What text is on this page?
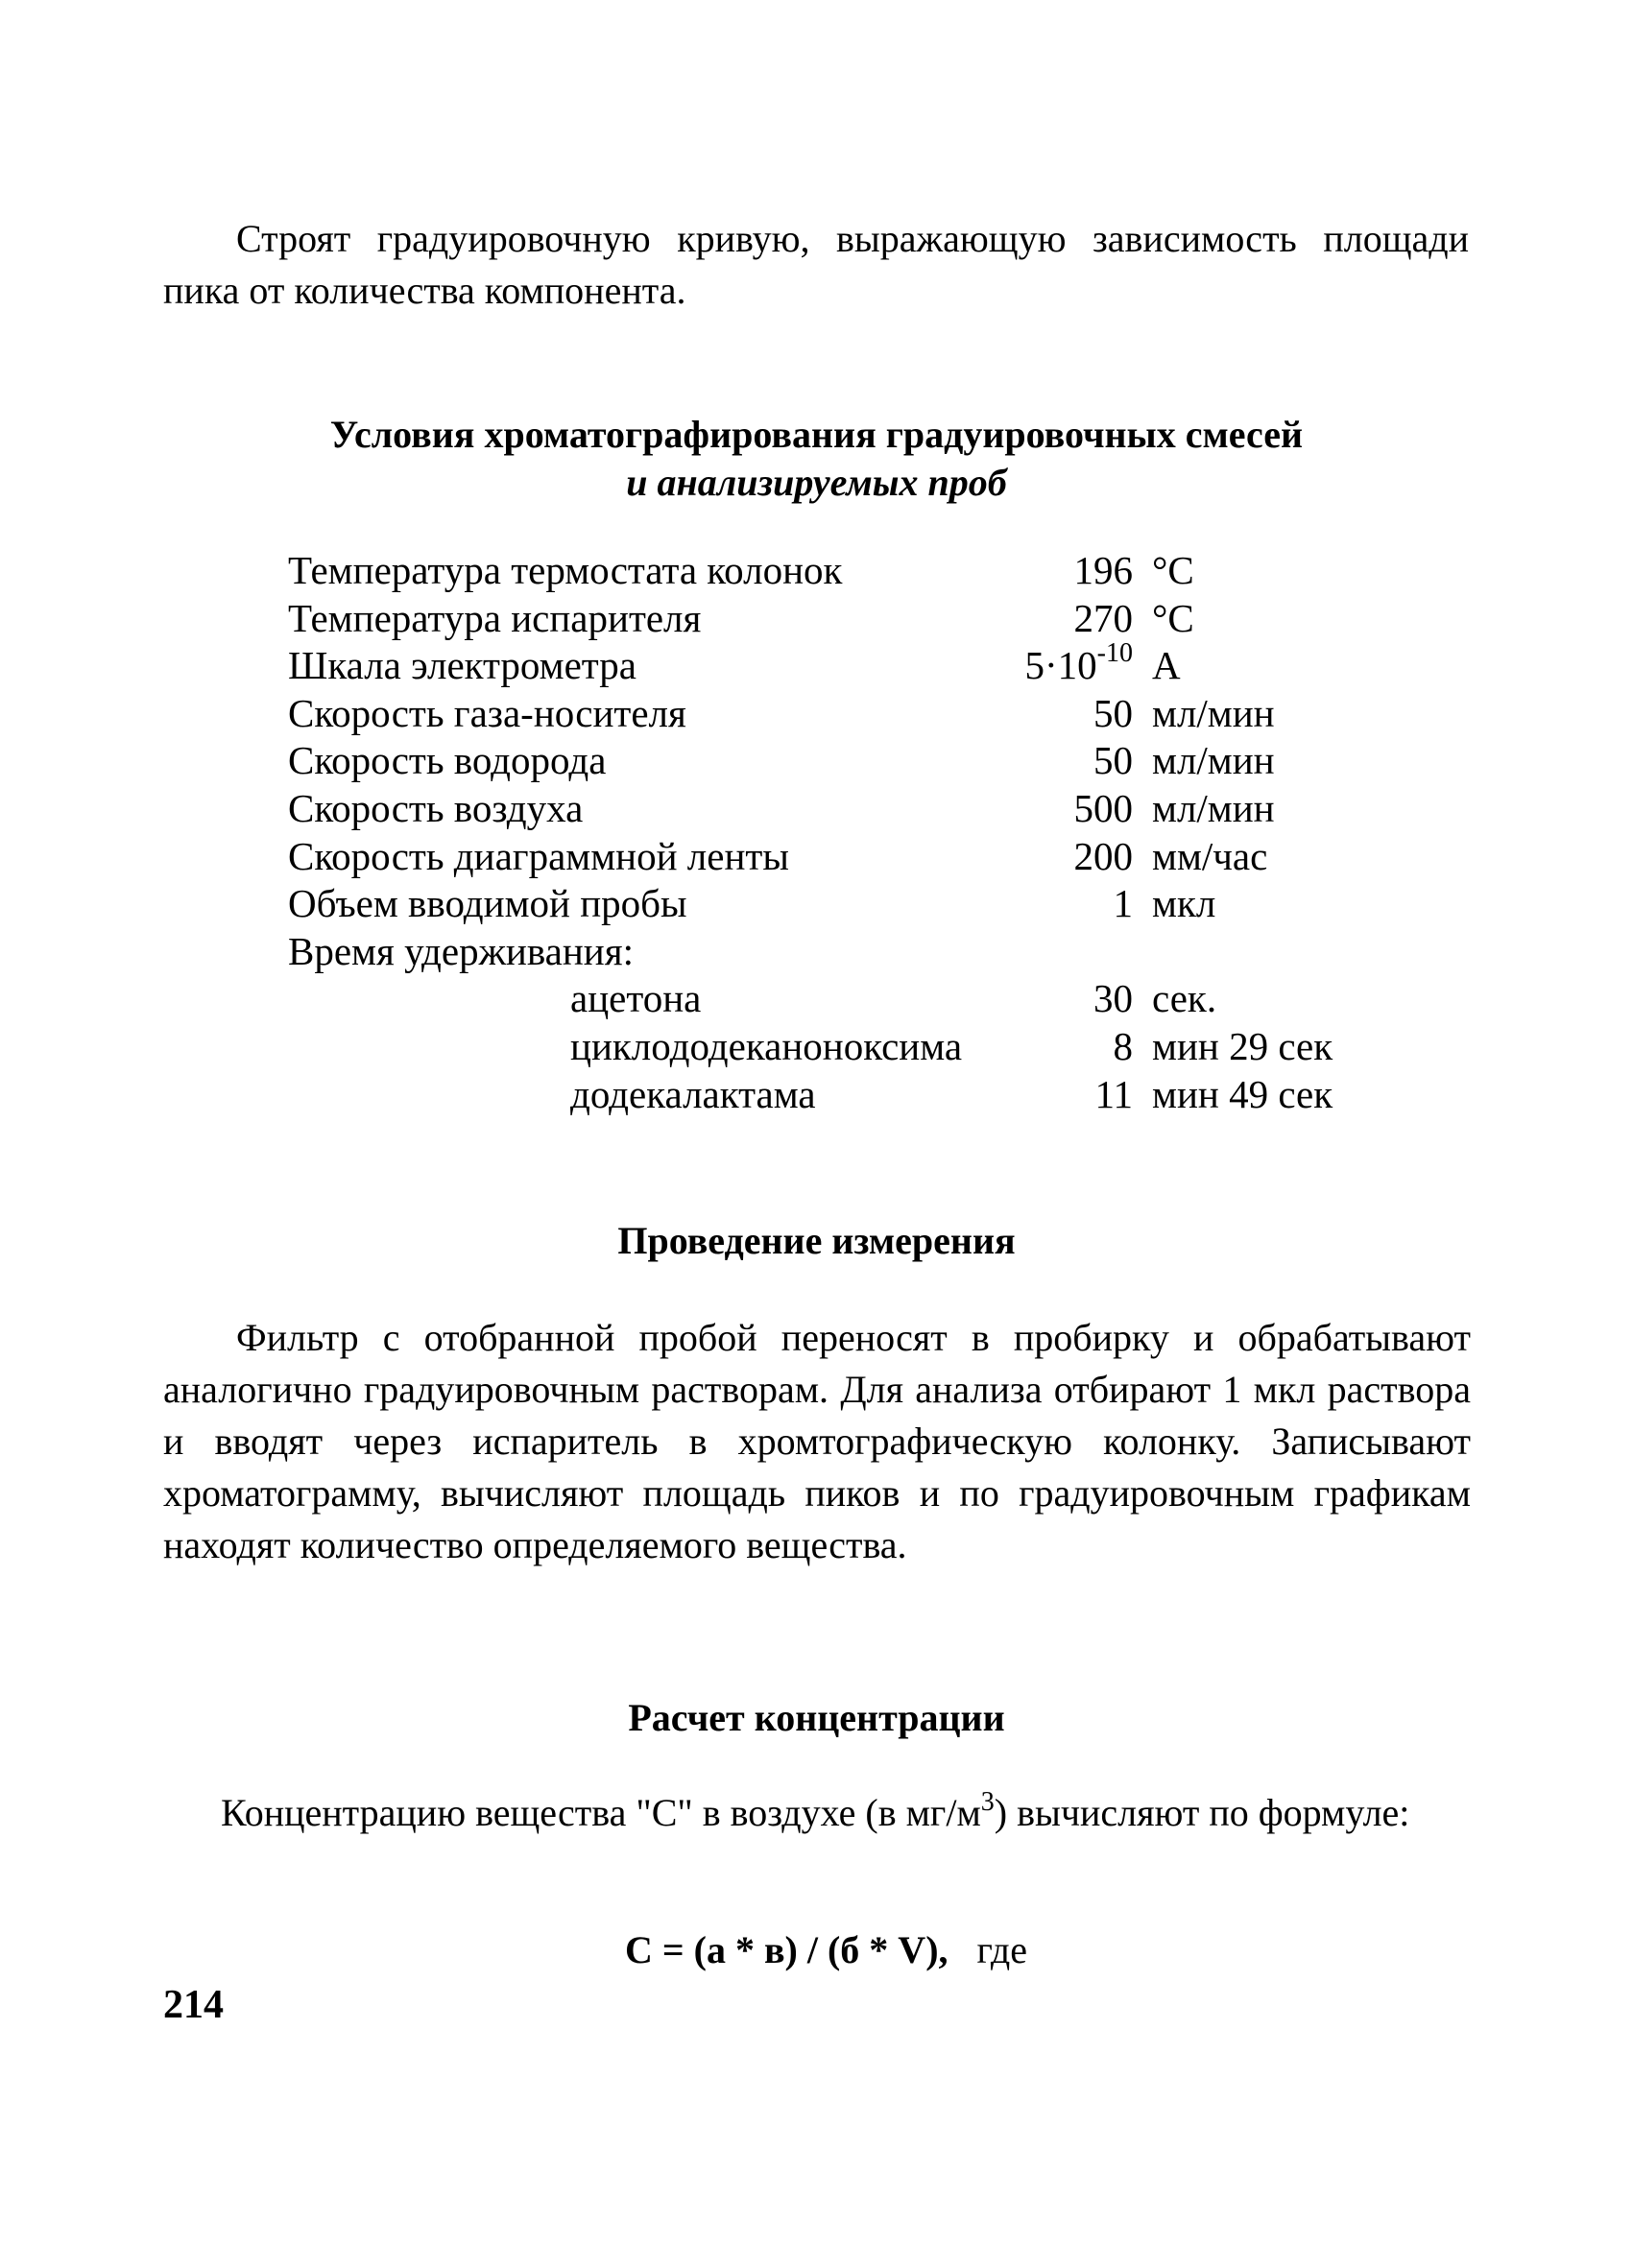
Строят градуировочную кривую, выражающую зависимость площади пика от количества компонента.
Условия хроматографирования градуировочных смесей
и анализируемых проб
Температура термостата колонок	196 °С
Температура испарителя	270 °С
Шкала электрометра	$5\cdot 10^{-10}$ А
Скорость газа-носителя	50 мл/мин
Скорость водорода	50 мл/мин
Скорость воздуха	500 мл/мин
Скорость диаграммной ленты	200 мм/час
Объем вводимой пробы	1 мкл
Время удерживания:
ацетона	30 сек.
циклододеканоноксима	8 мин 29 сек
додекалактама	11 мин 49 сек
Проведение измерения
Фильтр с отобранной пробой переносят в пробирку и обрабатывают аналогично градуировочным растворам. Для анализа отбирают 1 мкл раствора и вводят через испаритель в хромтографическую колонку. Записывают хроматограмму, вычисляют площадь пиков и по градуировочным графикам находят количество определяемого вещества.
Расчет концентрации
Концентрацию вещества "С" в воздухе (в $мг/м^3$) вычисляют по формуле:
С = (а * в) / (б * V), где
214
